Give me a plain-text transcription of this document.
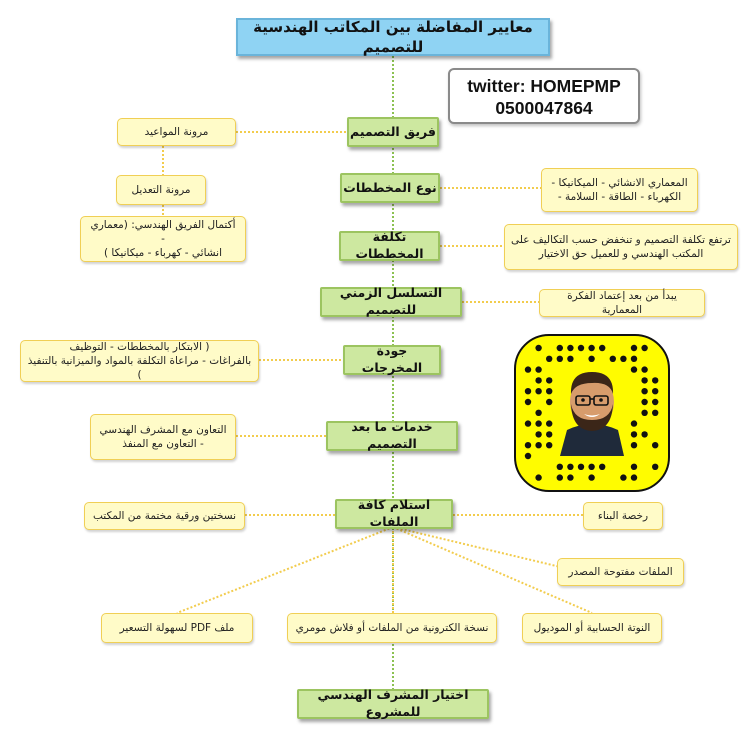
معايير المفاضلة بين المكاتب الهندسية للتصميم
twitter: HOMEPMP
0500047864
فريق التصميم
نوع المخططات
تكلفة المخططات
التسلسل الزمني للتصميم
جودة المخرجات
خدمات ما بعد التصميم
استلام كافة الملفات
اختيار المشرف الهندسي للمشروع
مرونة المواعيد
مرونة التعديل
أكتمال الفريق الهندسي: (معماري -
انشائي - كهرباء - ميكانيكا )
المعماري الانشائي - الميكانيكا -
الكهرباء - الطاقة - السلامة -
ترتفع تكلفة التصميم و تنخفض حسب التكاليف على
المكتب الهندسي و للعميل حق الاختيار
يبدأ من بعد إعتماد الفكرة المعمارية
( الابتكار بالمخططات - التوظيف
بالفراغات - مراعاة التكلفة بالمواد والميزانية بالتنفيذ )
التعاون مع المشرف الهندسي
- التعاون مع المنفذ
نسختين ورقية مختمة من المكتب	رخصة البناء
الملفات مفتوحة المصدر
ملف PDF لسهولة التسعير	نسخة الكترونية من الملفات أو فلاش مومري	النوتة الحسابية أو الموديول
